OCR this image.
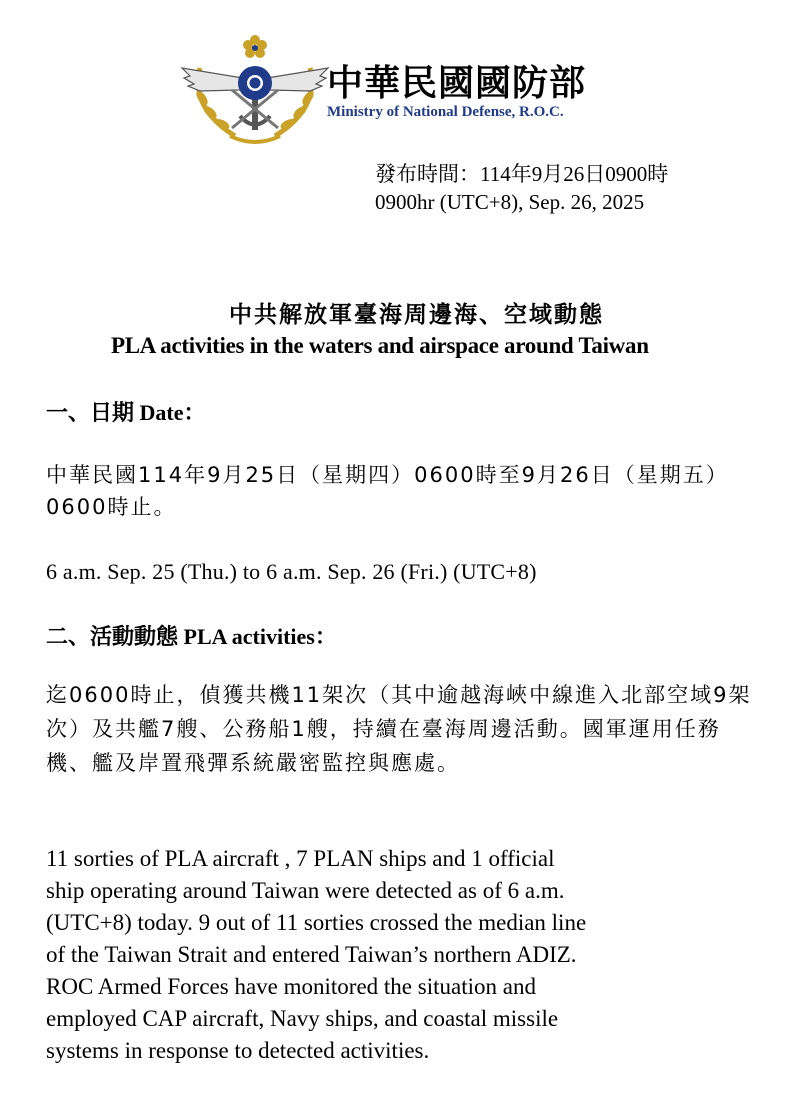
中華民國國防部
Ministry of National Defense, R.O.C.
發布時間：114年9月26日0900時
0900hr (UTC+8), Sep. 26, 2025
中共解放軍臺海周邊海、空域動態
PLA activities in the waters and airspace around Taiwan
一、日期 Date：
中華民國114年9月25日（星期四）0600時至9月26日（星期五）0600時止。
6 a.m. Sep. 25 (Thu.) to 6 a.m. Sep. 26 (Fri.) (UTC+8)
二、活動動態 PLA activities：
迄0600時止，偵獲共機11架次（其中逾越海峽中線進入北部空域9架次）及共艦7艘、公務船1艘，持續在臺海周邊活動。國軍運用任務機、艦及岸置飛彈系統嚴密監控與應處。
11 sorties of PLA aircraft , 7 PLAN ships and 1 official
ship operating around Taiwan were detected as of 6 a.m.
(UTC+8) today. 9 out of 11 sorties crossed the median line
of the Taiwan Strait and entered Taiwan’s northern ADIZ.
ROC Armed Forces have monitored the situation and
employed CAP aircraft, Navy ships, and coastal missile
systems in response to detected activities.
